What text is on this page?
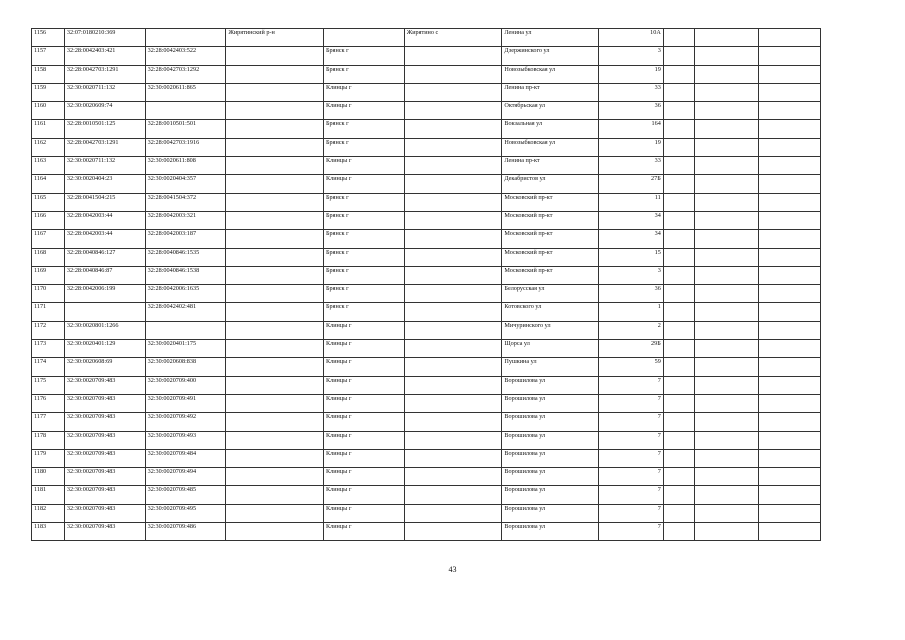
1156	32:07:0180210:369		Жирятинский р-н		Жирятино с	Ленина ул	10А			
1157	32:28:0042403:421	32:28:0042403:522		Брянск г		Дзержинского ул	3			
1158	32:28:0042703:1291	32:28:0042703:1292		Брянск г		Новозыбковская ул	19			
1159	32:30:0020711:132	32:30:0020611:865		Клинцы г		Ленина пр-кт	33			
1160	32:30:0020609:74			Клинцы г		Октябрьская ул	36			
1161	32:28:0010501:125	32:28:0010501:501		Брянск г		Вокзальная ул	164			
1162	32:28:0042703:1291	32:28:0042703:1916		Брянск г		Новозыбковская ул	19			
1163	32:30:0020711:132	32:30:0020611:808		Клинцы г		Ленина пр-кт	33			
1164	32:30:0020404:23	32:30:0020404:357		Клинцы г		Декабристов ул	27Б			
1165	32:28:0041504:215	32:28:0041504:372		Брянск г		Московский пр-кт	11			
1166	32:28:0042003:44	32:28:0042003:321		Брянск г		Московский пр-кт	34			
1167	32:28:0042003:44	32:28:0042003:187		Брянск г		Московский пр-кт	34			
1168	32:28:0040846:127	32:28:0040846:1535		Брянск г		Московский пр-кт	15			
1169	32:28:0040846:87	32:28:0040846:1538		Брянск г		Московский пр-кт	3			
1170	32:28:0042006:199	32:28:0042006:1635		Брянск г		Белорусская ул	36			
1171		32:28:0042402:481		Брянск г		Котовского ул	1			
1172	32:30:0020801:1266			Клинцы г		Мичуринского ул	2			
1173	32:30:0020401:129	32:30:0020401:175		Клинцы г		Щорса ул	29Б			
1174	32:30:0020608:69	32:30:0020608:838		Клинцы г		Пушкина ул	59			
1175	32:30:0020709:483	32:30:0020709:400		Клинцы г		Ворошилова ул	7			
1176	32:30:0020709:483	32:30:0020709:491		Клинцы г		Ворошилова ул	7			
1177	32:30:0020709:483	32:30:0020709:492		Клинцы г		Ворошилова ул	7			
1178	32:30:0020709:483	32:30:0020709:493		Клинцы г		Ворошилова ул	7			
1179	32:30:0020709:483	32:30:0020709:484		Клинцы г		Ворошилова ул	7			
1180	32:30:0020709:483	32:30:0020709:494		Клинцы г		Ворошилова ул	7			
1181	32:30:0020709:483	32:30:0020709:485		Клинцы г		Ворошилова ул	7			
1182	32:30:0020709:483	32:30:0020709:495		Клинцы г		Ворошилова ул	7			
1183	32:30:0020709:483	32:30:0020709:486		Клинцы г		Ворошилова ул	7			
43
